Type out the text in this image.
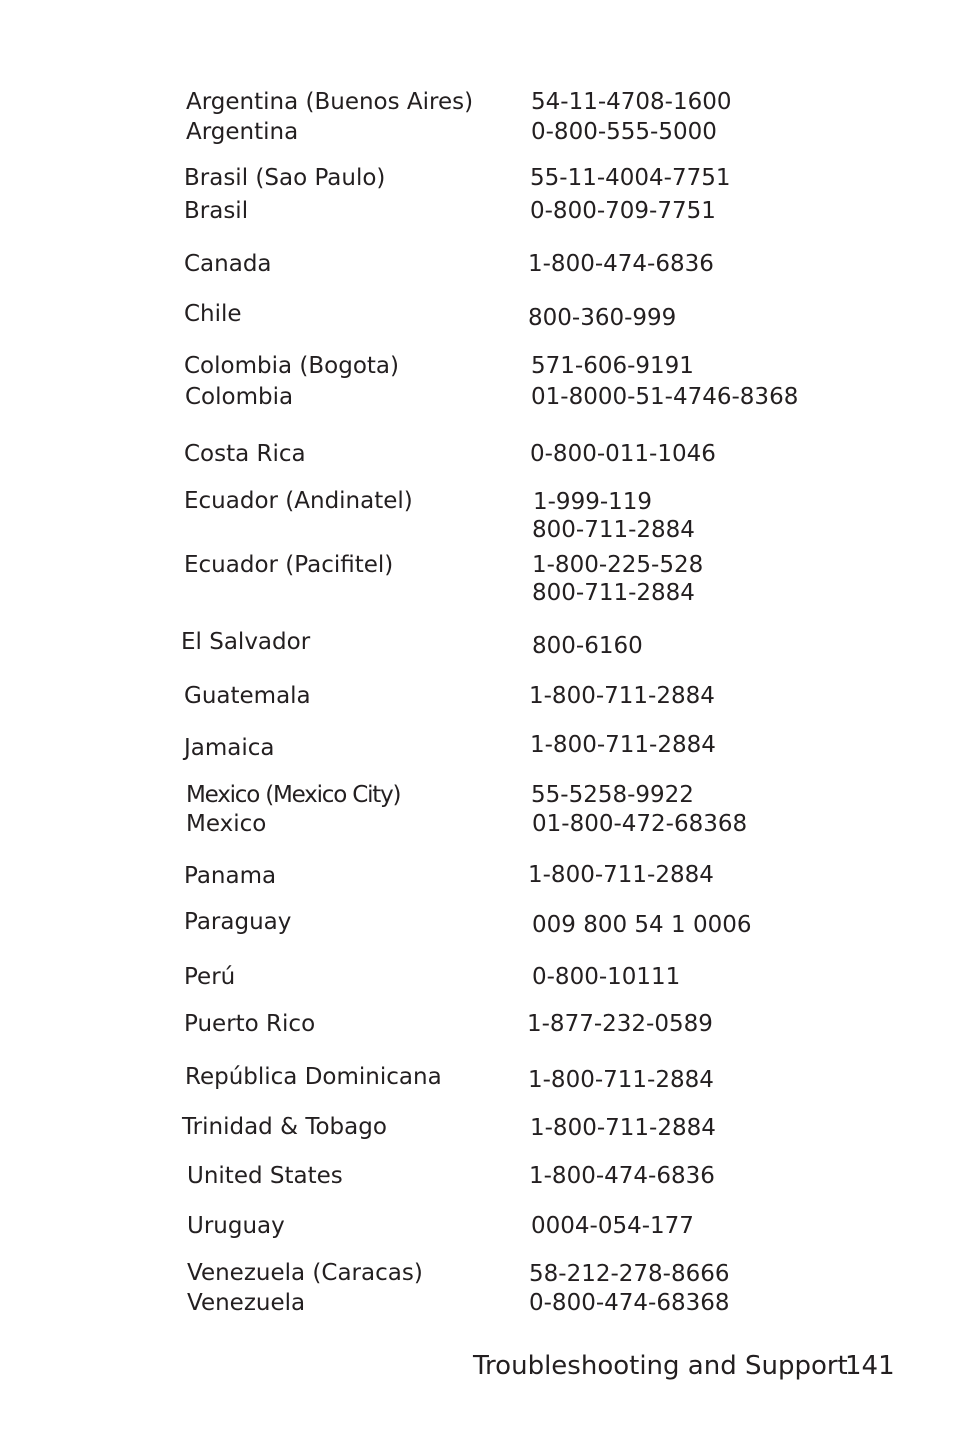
Argentina (Buenos Aires)	54-11-4708-1600
Argentina	0-800-555-5000
Brasil (Sao Paulo)	55-11-4004-7751
Brasil	0-800-709-7751
Canada	1-800-474-6836
Chile	800-360-999
Colombia (Bogota)	571-606-9191
Colombia	01-8000-51-4746-8368
Costa Rica	0-800-011-1046
Ecuador (Andinatel)	1-999-119
800-711-2884
Ecuador (Pacifitel)	1-800-225-528
800-711-2884
El Salvador	800-6160
Guatemala	1-800-711-2884
Jamaica	1-800-711-2884
Mexico (Mexico City)	55-5258-9922
Mexico	01-800-472-68368
Panama	1-800-711-2884
Paraguay	009 800 54 1 0006
Perú	0-800-10111
Puerto Rico	1-877-232-0589
República Dominicana	1-800-711-2884
Trinidad & Tobago	1-800-711-2884
United States	1-800-474-6836
Uruguay	0004-054-177
Venezuela (Caracas)	58-212-278-8666
Venezuela	0-800-474-68368
Troubleshooting and Support
141
